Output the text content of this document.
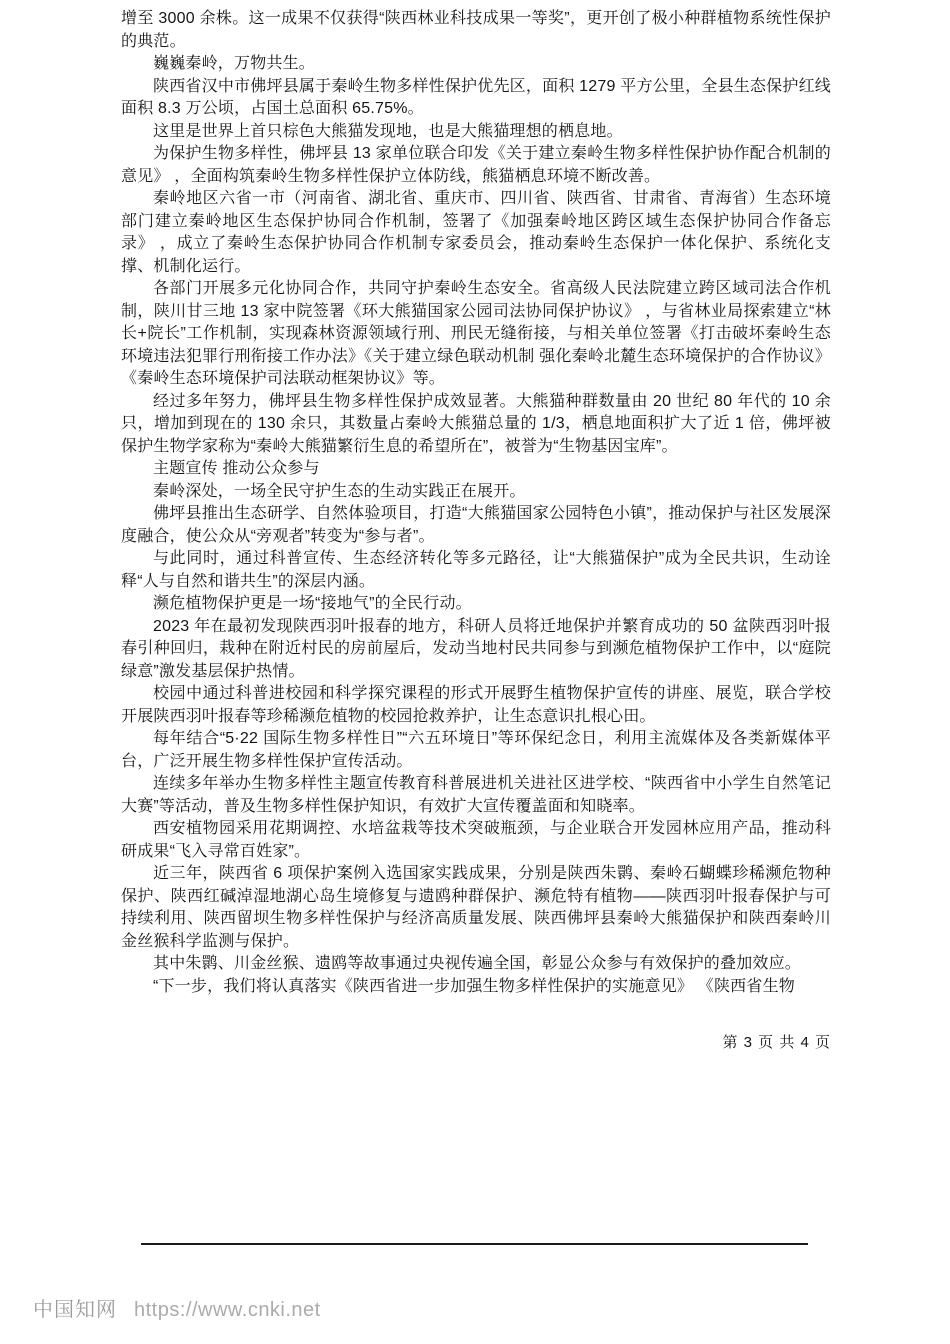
增至 3000 余株。这一成果不仅获得“陕西林业科技成果一等奖”，更开创了极小种群植物系统性保护的典范。

巍巍秦岭，万物共生。

陕西省汉中市佛坪县属于秦岭生物多样性保护优先区，面积 1279 平方公里，全县生态保护红线面积 8.3 万公顷，占国土总面积 65.75%。

这里是世界上首只棕色大熊猫发现地，也是大熊猫理想的栖息地。

为保护生物多样性，佛坪县 13 家单位联合印发《关于建立秦岭生物多样性保护协作配合机制的意见》 ，全面构筑秦岭生物多样性保护立体防线，熊猫栖息环境不断改善。

秦岭地区六省一市（河南省、湖北省、重庆市、四川省、陕西省、甘肃省、青海省）生态环境部门建立秦岭地区生态保护协同合作机制，签署了《加强秦岭地区跨区域生态保护协同合作备忘录》 ，成立了秦岭生态保护协同合作机制专家委员会，推动秦岭生态保护一体化保护、系统化支撑、机制化运行。

各部门开展多元化协同合作，共同守护秦岭生态安全。省高级人民法院建立跨区域司法合作机制，陕川甘三地 13 家中院签署《环大熊猫国家公园司法协同保护协议》 ，与省林业局探索建立“林长+院长”工作机制，实现森林资源领域行刑、刑民无缝衔接，与相关单位签署《打击破坏秦岭生态环境违法犯罪行刑衔接工作办法》《关于建立绿色联动机制 强化秦岭北麓生态环境保护的合作协议》《秦岭生态环境保护司法联动框架协议》等。

经过多年努力，佛坪县生物多样性保护成效显著。大熊猫种群数量由 20 世纪 80 年代的 10 余只，增加到现在的 130 余只，其数量占秦岭大熊猫总量的 1/3，栖息地面积扩大了近 1 倍，佛坪被保护生物学家称为“秦岭大熊猫繁衍生息的希望所在”，被誉为“生物基因宝库”。

主题宣传 推动公众参与

秦岭深处，一场全民守护生态的生动实践正在展开。

佛坪县推出生态研学、自然体验项目，打造“大熊猫国家公园特色小镇”，推动保护与社区发展深度融合，使公众从“旁观者”转变为“参与者”。

与此同时，通过科普宣传、生态经济转化等多元路径，让“大熊猫保护”成为全民共识，生动诠释“人与自然和谐共生”的深层内涵。

濒危植物保护更是一场“接地气”的全民行动。

2023 年在最初发现陕西羽叶报春的地方，科研人员将迁地保护并繁育成功的 50 盆陕西羽叶报春引种回归，栽种在附近村民的房前屋后，发动当地村民共同参与到濒危植物保护工作中，以“庭院绿意”激发基层保护热情。

校园中通过科普进校园和科学探究课程的形式开展野生植物保护宣传的讲座、展览，联合学校开展陕西羽叶报春等珍稀濒危植物的校园抢救养护，让生态意识扎根心田。

每年结合“5·22 国际生物多样性日”“六五环境日”等环保纪念日，利用主流媒体及各类新媒体平台，广泛开展生物多样性保护宣传活动。

连续多年举办生物多样性主题宣传教育科普展进机关进社区进学校、“陕西省中小学生自然笔记大赛”等活动，普及生物多样性保护知识，有效扩大宣传覆盖面和知晓率。

西安植物园采用花期调控、水培盆栽等技术突破瓶颈，与企业联合开发园林应用产品，推动科研成果“飞入寻常百姓家”。

近三年，陕西省 6 项保护案例入选国家实践成果，分别是陕西朱鹮、秦岭石蝴蝶珍稀濒危物种保护、陕西红碱淖湿地湖心岛生境修复与遗鸥种群保护、濒危特有植物——陕西羽叶报春保护与可持续利用、陕西留坝生物多样性保护与经济高质量发展、陕西佛坪县秦岭大熊猫保护和陕西秦岭川金丝猴科学监测与保护。

其中朱鹮、川金丝猴、遗鸥等故事通过央视传遍全国，彰显公众参与有效保护的叠加效应。

“下一步，我们将认真落实《陕西省进一步加强生物多样性保护的实施意见》 《陕西省生物

第 3 页 共 4 页
中国知网 https://www.cnki.net
